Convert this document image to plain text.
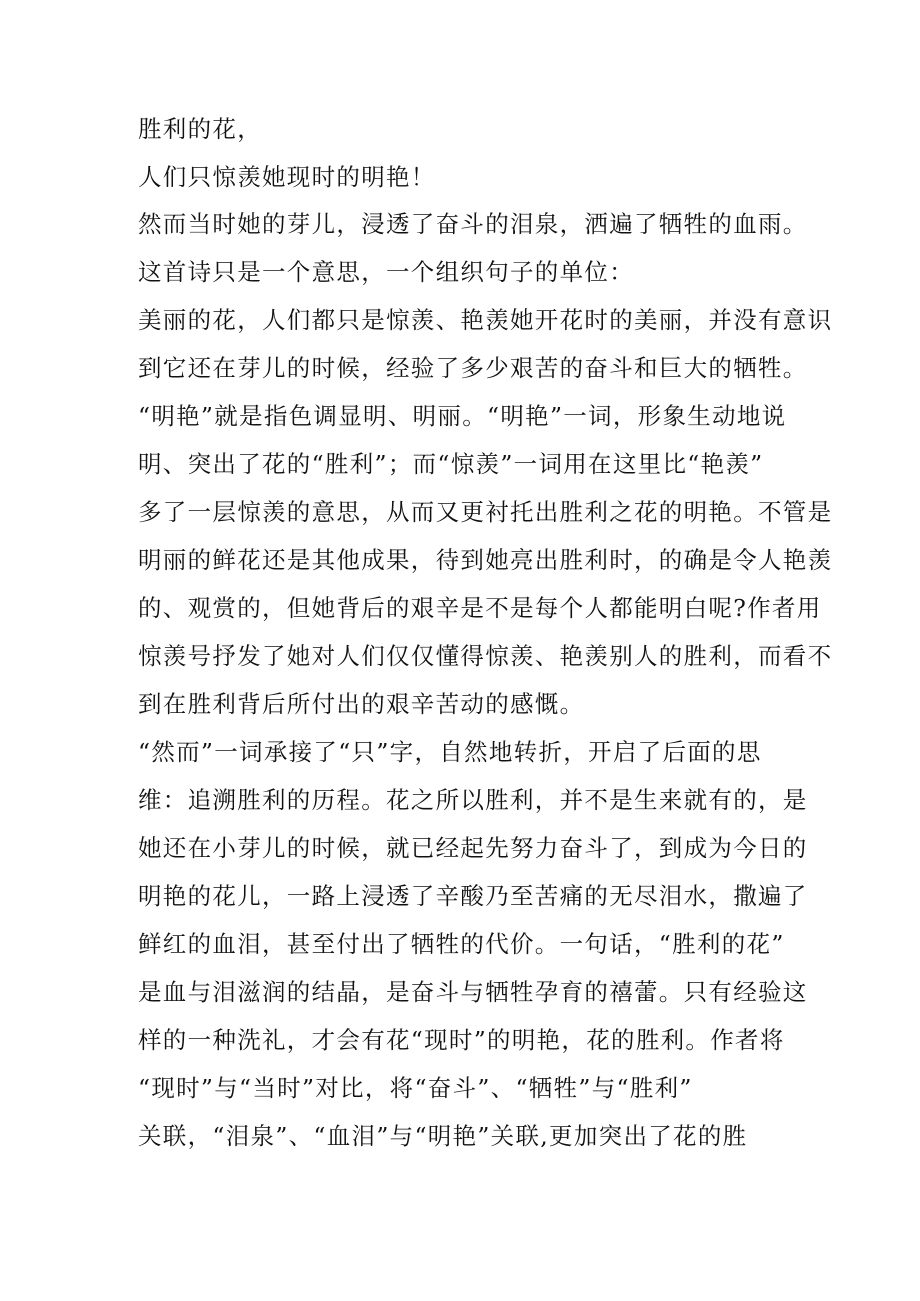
胜利的花，
人们只惊羡她现时的明艳！
然而当时她的芽儿，浸透了奋斗的泪泉，洒遍了牺牲的血雨。
这首诗只是一个意思，一个组织句子的单位：
美丽的花，人们都只是惊羡、艳羡她开花时的美丽，并没有意识
到它还在芽儿的时候，经验了多少艰苦的奋斗和巨大的牺牲。
“明艳”就是指色调显明、明丽。“明艳”一词，形象生动地说
明、突出了花的“胜利”；而“惊羡”一词用在这里比“艳羡”
多了一层惊羡的意思，从而又更衬托出胜利之花的明艳。不管是
明丽的鲜花还是其他成果，待到她亮出胜利时，的确是令人艳羡
的、观赏的，但她背后的艰辛是不是每个人都能明白呢?作者用
惊羡号抒发了她对人们仅仅懂得惊羡、艳羡别人的胜利，而看不
到在胜利背后所付出的艰辛苦动的感慨。
“然而”一词承接了“只”字，自然地转折，开启了后面的思
维：追溯胜利的历程。花之所以胜利，并不是生来就有的，是
她还在小芽儿的时候，就已经起先努力奋斗了，到成为今日的
明艳的花儿，一路上浸透了辛酸乃至苦痛的无尽泪水，撒遍了
鲜红的血泪，甚至付出了牺牲的代价。一句话，“胜利的花”
是血与泪滋润的结晶，是奋斗与牺牲孕育的禧蕾。只有经验这
样的一种洗礼，才会有花“现时”的明艳，花的胜利。作者将
“现时”与“当时”对比，将“奋斗”、“牺牲”与“胜利”
关联，“泪泉”、“血泪”与“明艳”关联,更加突出了花的胜
